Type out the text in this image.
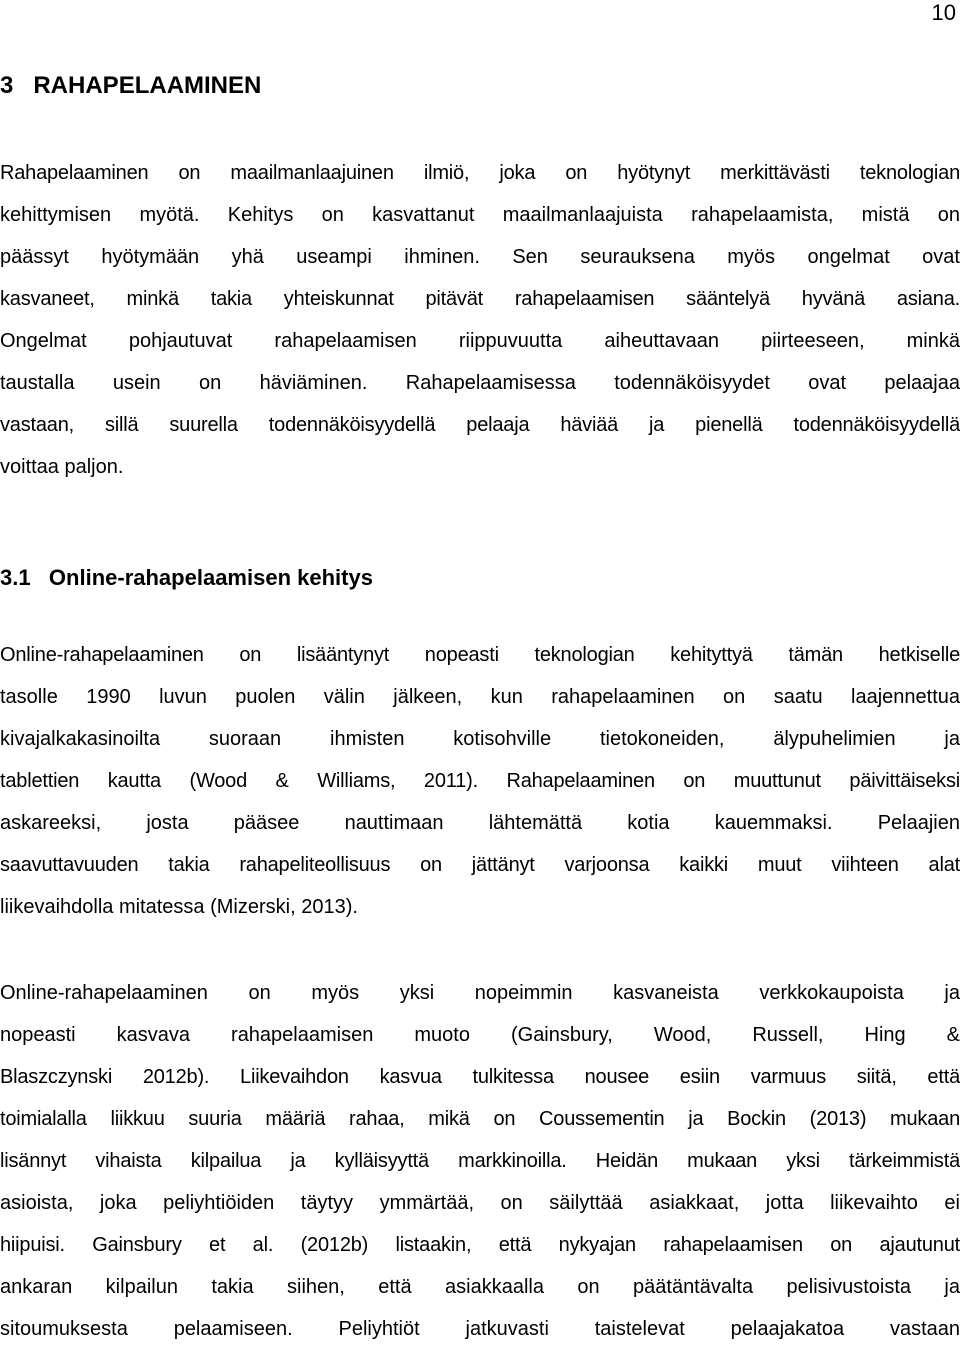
10
3   RAHAPELAAMINEN
Rahapelaaminen on maailmanlaajuinen ilmiö, joka on hyötynyt merkittävästi teknologian
kehittymisen myötä. Kehitys on kasvattanut maailmanlaajuista rahapelaamista, mistä on
päässyt hyötymään yhä useampi ihminen. Sen seurauksena myös ongelmat ovat
kasvaneet, minkä takia yhteiskunnat pitävät rahapelaamisen sääntelyä hyvänä asiana.
Ongelmat pohjautuvat rahapelaamisen riippuvuutta aiheuttavaan piirteeseen, minkä
taustalla usein on häviäminen. Rahapelaamisessa todennäköisyydet ovat pelaajaa
vastaan, sillä suurella todennäköisyydellä pelaaja häviää ja pienellä todennäköisyydellä
voittaa paljon.
3.1   Online-rahapelaamisen kehitys
Online-rahapelaaminen on lisääntynyt nopeasti teknologian kehityttyä tämän hetkiselle
tasolle 1990 luvun puolen välin jälkeen, kun rahapelaaminen on saatu laajennettua
kivajalkakasinoilta suoraan ihmisten kotisohville tietokoneiden, älypuhelimien ja
tablettien kautta (Wood & Williams, 2011). Rahapelaaminen on muuttunut päivittäiseksi
askareeksi, josta pääsee nauttimaan lähtemättä kotia kauemmaksi. Pelaajien
saavuttavuuden takia rahapeliteollisuus on jättänyt varjoonsa kaikki muut viihteen alat
liikevaihdolla mitatessa (Mizerski, 2013).
Online-rahapelaaminen on myös yksi nopeimmin kasvaneista verkkokaupoista ja
nopeasti kasvava rahapelaamisen muoto (Gainsbury, Wood, Russell, Hing &
Blaszczynski 2012b). Liikevaihdon kasvua tulkitessa nousee esiin varmuus siitä, että
toimialalla liikkuu suuria määriä rahaa, mikä on Coussementin ja Bockin (2013) mukaan
lisännyt vihaista kilpailua ja kylläisyyttä markkinoilla. Heidän mukaan yksi tärkeimmistä
asioista, joka peliyhtiöiden täytyy ymmärtää, on säilyttää asiakkaat, jotta liikevaihto ei
hiipuisi. Gainsbury et al. (2012b) listaakin, että nykyajan rahapelaamisen on ajautunut
ankaran kilpailun takia siihen, että asiakkaalla on päätäntävalta pelisivustoista ja
sitoumuksesta pelaamiseen. Peliyhtiöt jatkuvasti taistelevat pelaajakatoa vastaan
